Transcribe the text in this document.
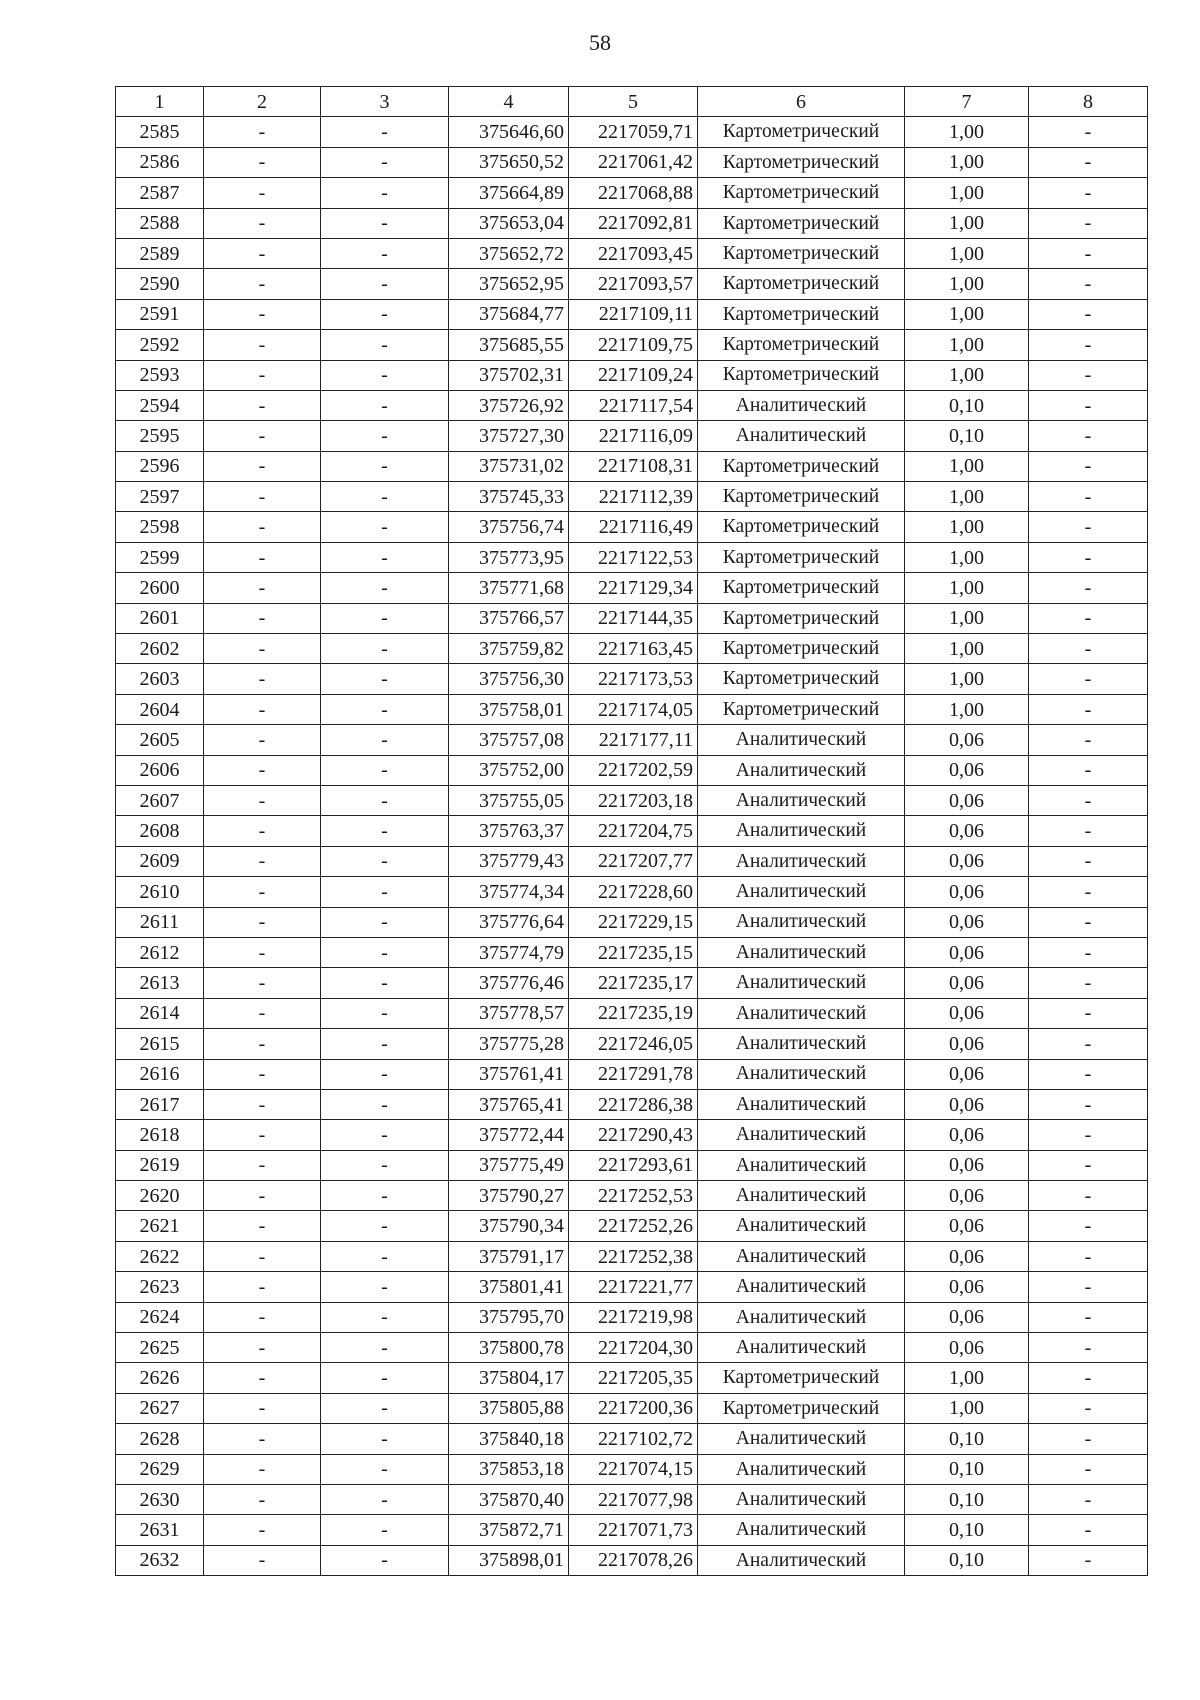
58
1	2	3	4	5	6	7	8
2585	-	-	375646,60	2217059,71	Картометрический	1,00	-
2586	-	-	375650,52	2217061,42	Картометрический	1,00	-
2587	-	-	375664,89	2217068,88	Картометрический	1,00	-
2588	-	-	375653,04	2217092,81	Картометрический	1,00	-
2589	-	-	375652,72	2217093,45	Картометрический	1,00	-
2590	-	-	375652,95	2217093,57	Картометрический	1,00	-
2591	-	-	375684,77	2217109,11	Картометрический	1,00	-
2592	-	-	375685,55	2217109,75	Картометрический	1,00	-
2593	-	-	375702,31	2217109,24	Картометрический	1,00	-
2594	-	-	375726,92	2217117,54	Аналитический	0,10	-
2595	-	-	375727,30	2217116,09	Аналитический	0,10	-
2596	-	-	375731,02	2217108,31	Картометрический	1,00	-
2597	-	-	375745,33	2217112,39	Картометрический	1,00	-
2598	-	-	375756,74	2217116,49	Картометрический	1,00	-
2599	-	-	375773,95	2217122,53	Картометрический	1,00	-
2600	-	-	375771,68	2217129,34	Картометрический	1,00	-
2601	-	-	375766,57	2217144,35	Картометрический	1,00	-
2602	-	-	375759,82	2217163,45	Картометрический	1,00	-
2603	-	-	375756,30	2217173,53	Картометрический	1,00	-
2604	-	-	375758,01	2217174,05	Картометрический	1,00	-
2605	-	-	375757,08	2217177,11	Аналитический	0,06	-
2606	-	-	375752,00	2217202,59	Аналитический	0,06	-
2607	-	-	375755,05	2217203,18	Аналитический	0,06	-
2608	-	-	375763,37	2217204,75	Аналитический	0,06	-
2609	-	-	375779,43	2217207,77	Аналитический	0,06	-
2610	-	-	375774,34	2217228,60	Аналитический	0,06	-
2611	-	-	375776,64	2217229,15	Аналитический	0,06	-
2612	-	-	375774,79	2217235,15	Аналитический	0,06	-
2613	-	-	375776,46	2217235,17	Аналитический	0,06	-
2614	-	-	375778,57	2217235,19	Аналитический	0,06	-
2615	-	-	375775,28	2217246,05	Аналитический	0,06	-
2616	-	-	375761,41	2217291,78	Аналитический	0,06	-
2617	-	-	375765,41	2217286,38	Аналитический	0,06	-
2618	-	-	375772,44	2217290,43	Аналитический	0,06	-
2619	-	-	375775,49	2217293,61	Аналитический	0,06	-
2620	-	-	375790,27	2217252,53	Аналитический	0,06	-
2621	-	-	375790,34	2217252,26	Аналитический	0,06	-
2622	-	-	375791,17	2217252,38	Аналитический	0,06	-
2623	-	-	375801,41	2217221,77	Аналитический	0,06	-
2624	-	-	375795,70	2217219,98	Аналитический	0,06	-
2625	-	-	375800,78	2217204,30	Аналитический	0,06	-
2626	-	-	375804,17	2217205,35	Картометрический	1,00	-
2627	-	-	375805,88	2217200,36	Картометрический	1,00	-
2628	-	-	375840,18	2217102,72	Аналитический	0,10	-
2629	-	-	375853,18	2217074,15	Аналитический	0,10	-
2630	-	-	375870,40	2217077,98	Аналитический	0,10	-
2631	-	-	375872,71	2217071,73	Аналитический	0,10	-
2632	-	-	375898,01	2217078,26	Аналитический	0,10	-
